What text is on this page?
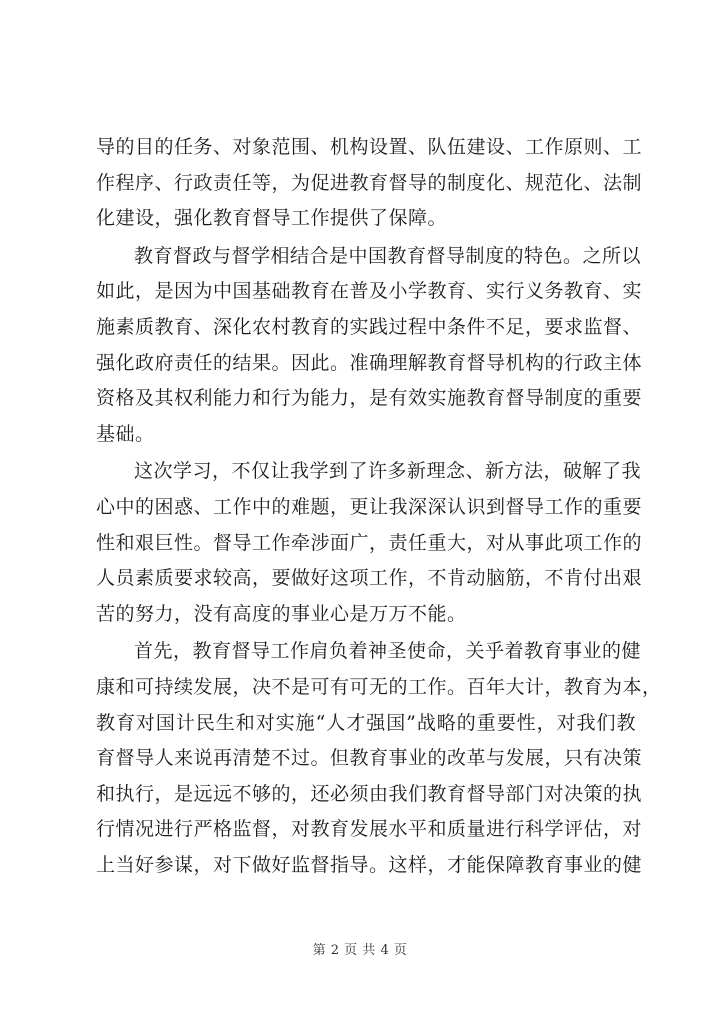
导的目的任务、对象范围、机构设置、队伍建设、工作原则、工
作程序、行政责任等，为促进教育督导的制度化、规范化、法制
化建设，强化教育督导工作提供了保障。
教育督政与督学相结合是中国教育督导制度的特色。之所以
如此，是因为中国基础教育在普及小学教育、实行义务教育、实
施素质教育、深化农村教育的实践过程中条件不足，要求监督、
强化政府责任的结果。因此。准确理解教育督导机构的行政主体
资格及其权利能力和行为能力，是有效实施教育督导制度的重要
基础。
这次学习，不仅让我学到了许多新理念、新方法，破解了我
心中的困惑、工作中的难题，更让我深深认识到督导工作的重要
性和艰巨性。督导工作牵涉面广，责任重大，对从事此项工作的
人员素质要求较高，要做好这项工作，不肯动脑筋，不肯付出艰
苦的努力，没有高度的事业心是万万不能。
首先，教育督导工作肩负着神圣使命，关乎着教育事业的健
康和可持续发展，决不是可有可无的工作。百年大计，教育为本，
教育对国计民生和对实施“人才强国”战略的重要性，对我们教
育督导人来说再清楚不过。但教育事业的改革与发展，只有决策
和执行，是远远不够的，还必须由我们教育督导部门对决策的执
行情况进行严格监督，对教育发展水平和质量进行科学评估，对
上当好参谋，对下做好监督指导。这样，才能保障教育事业的健
第 2 页 共 4 页
